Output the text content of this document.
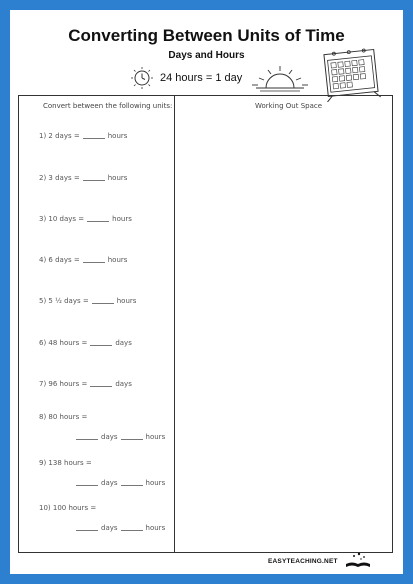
Converting Between Units of Time
Days and Hours
24 hours = 1 day
Convert between the following units:	Working Out Space
1) 2 days =	hours
2) 3 days =	hours
3) 10 days =	hours
4) 6 days =	hours
5) 5 ½ days =	hours
6) 48 hours =	days
7) 96 hours =	days
8) 80 hours =
days	hours
9) 138 hours =
days	hours
10) 100 hours =
days	hours
EASYTEACHING.NET
